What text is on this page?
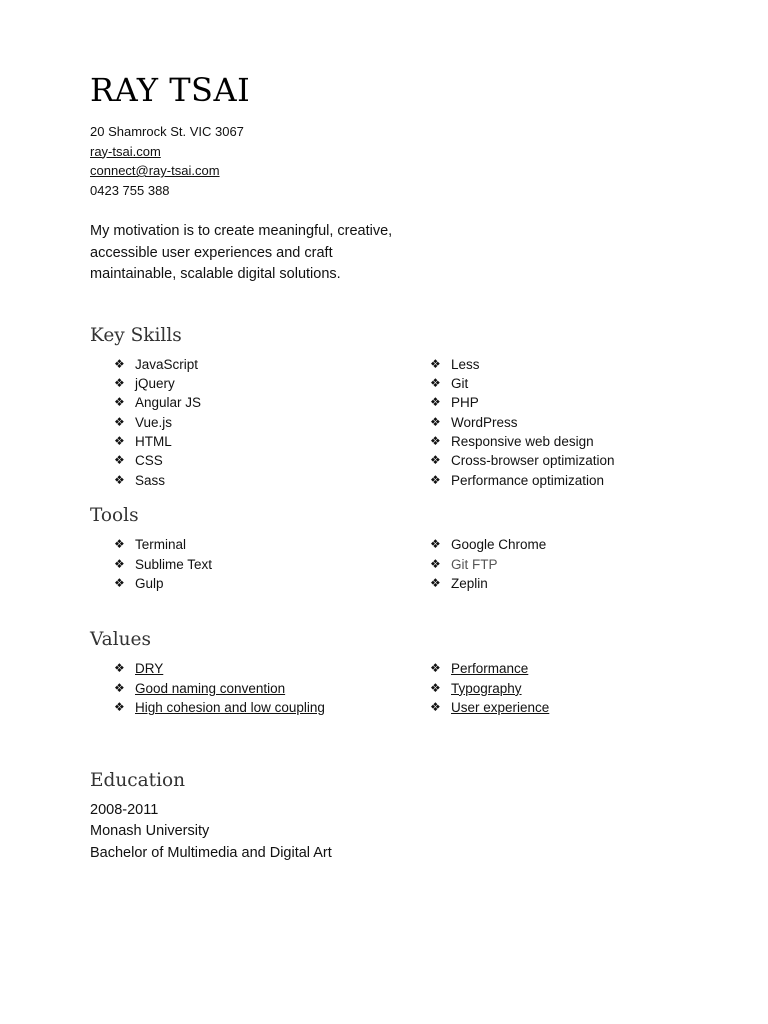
RAY TSAI
20 Shamrock St. VIC 3067
ray-tsai.com
connect@ray-tsai.com
0423 755 388

My motivation is to create meaningful, creative, accessible user experiences and craft maintainable, scalable digital solutions.

Key Skills
❖ JavaScript
❖ jQuery
❖ Angular JS
❖ Vue.js
❖ HTML
❖ CSS
❖ Sass
❖ Less
❖ Git
❖ PHP
❖ WordPress
❖ Responsive web design
❖ Cross-browser optimization
❖ Performance optimization
Tools
❖ Terminal
❖ Sublime Text
❖ Gulp
❖ Google Chrome
❖ Git FTP
❖ Zeplin
Values
❖ DRY
❖ Good naming convention
❖ High cohesion and low coupling
❖ Performance
❖ Typography
❖ User experience
Education
2008-2011
Monash University
Bachelor of Multimedia and Digital Art
